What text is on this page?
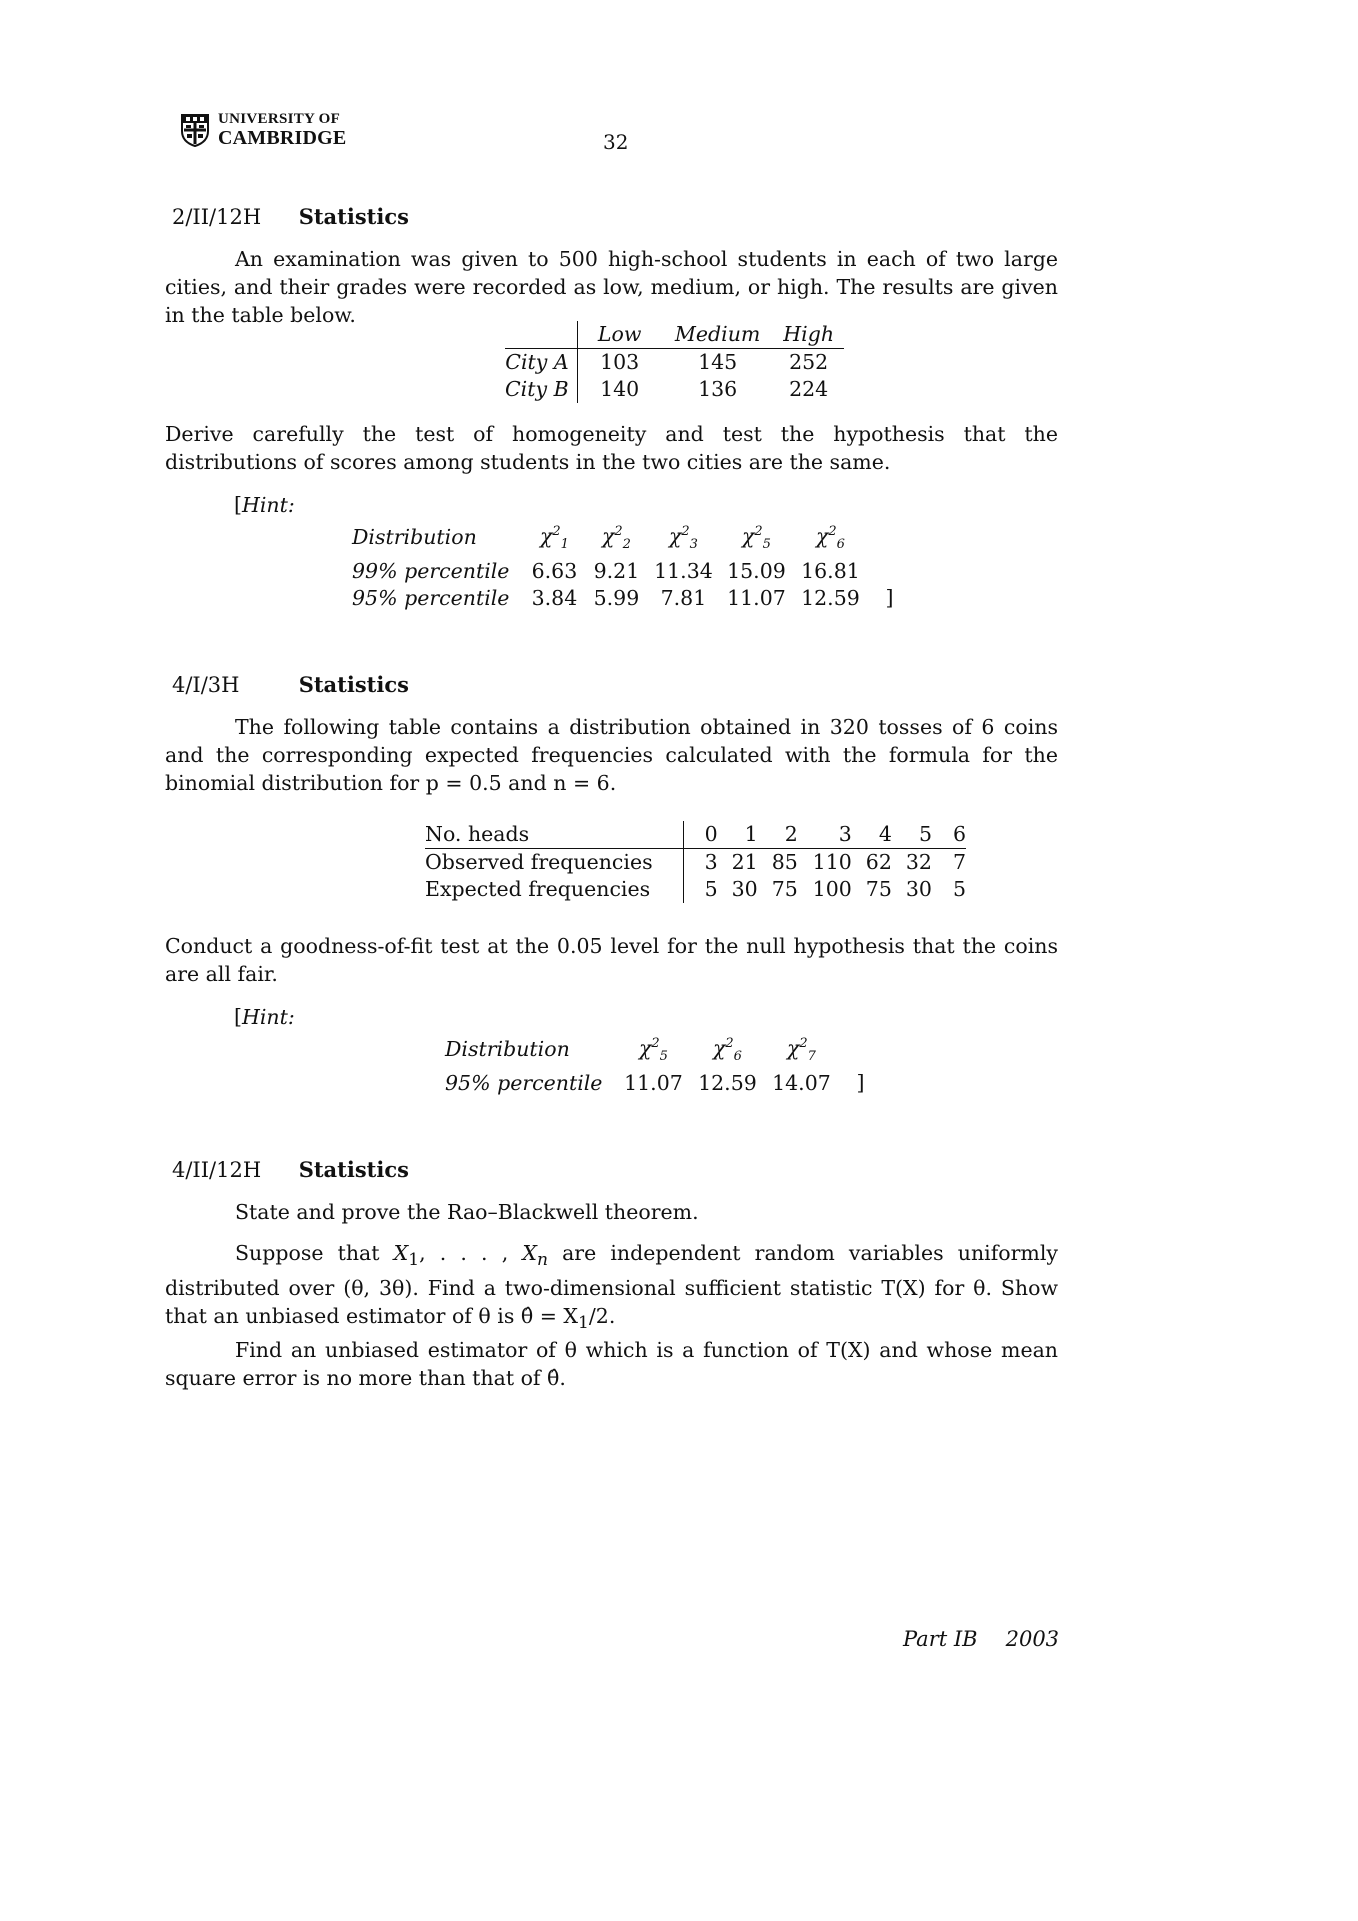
UNIVERSITY OF
CAMBRIDGE	32
2/II/12H Statistics
An examination was given to 500 high-school students in each of two large cities, and their grades were recorded as low, medium, or high. The results are given in the table below.
	Low	Medium	High
City A	103	145	252
City B	140	136	224
Derive carefully the test of homogeneity and test the hypothesis that the distributions of scores among students in the two cities are the same.
[Hint:
Distribution	$\chi^2_1$	$\chi^2_2$	$\chi^2_3$	$\chi^2_5$	$\chi^2_6$	
99% percentile	6.63	9.21	11.34	15.09	16.81	
95% percentile	3.84	5.99	7.81	11.07	12.59	]
4/I/3H	Statistics
The following table contains a distribution obtained in 320 tosses of 6 coins and the corresponding expected frequencies calculated with the formula for the binomial distribution for p = 0.5 and n = 6.
No. heads	0	1	2	3	4	5	6
Observed frequencies	3	21	85	110	62	32	7
Expected frequencies	5	30	75	100	75	30	5
Conduct a goodness-of-fit test at the 0.05 level for the null hypothesis that the coins are all fair.
[Hint:
Distribution	$\chi^2_5$	$\chi^2_6$	$\chi^2_7$	
95% percentile	11.07	12.59	14.07	]
4/II/12H Statistics
State and prove the Rao–Blackwell theorem.
Suppose that $X_1$, . . . , $X_n$ are independent random variables uniformly distributed over (θ, 3θ). Find a two-dimensional sufficient statistic T(X) for θ. Show that an unbiased estimator of θ is θ̂ = $X_1/2$.
Find an unbiased estimator of θ which is a function of T(X) and whose mean square error is no more than that of θ̂.
Part IB 2003
